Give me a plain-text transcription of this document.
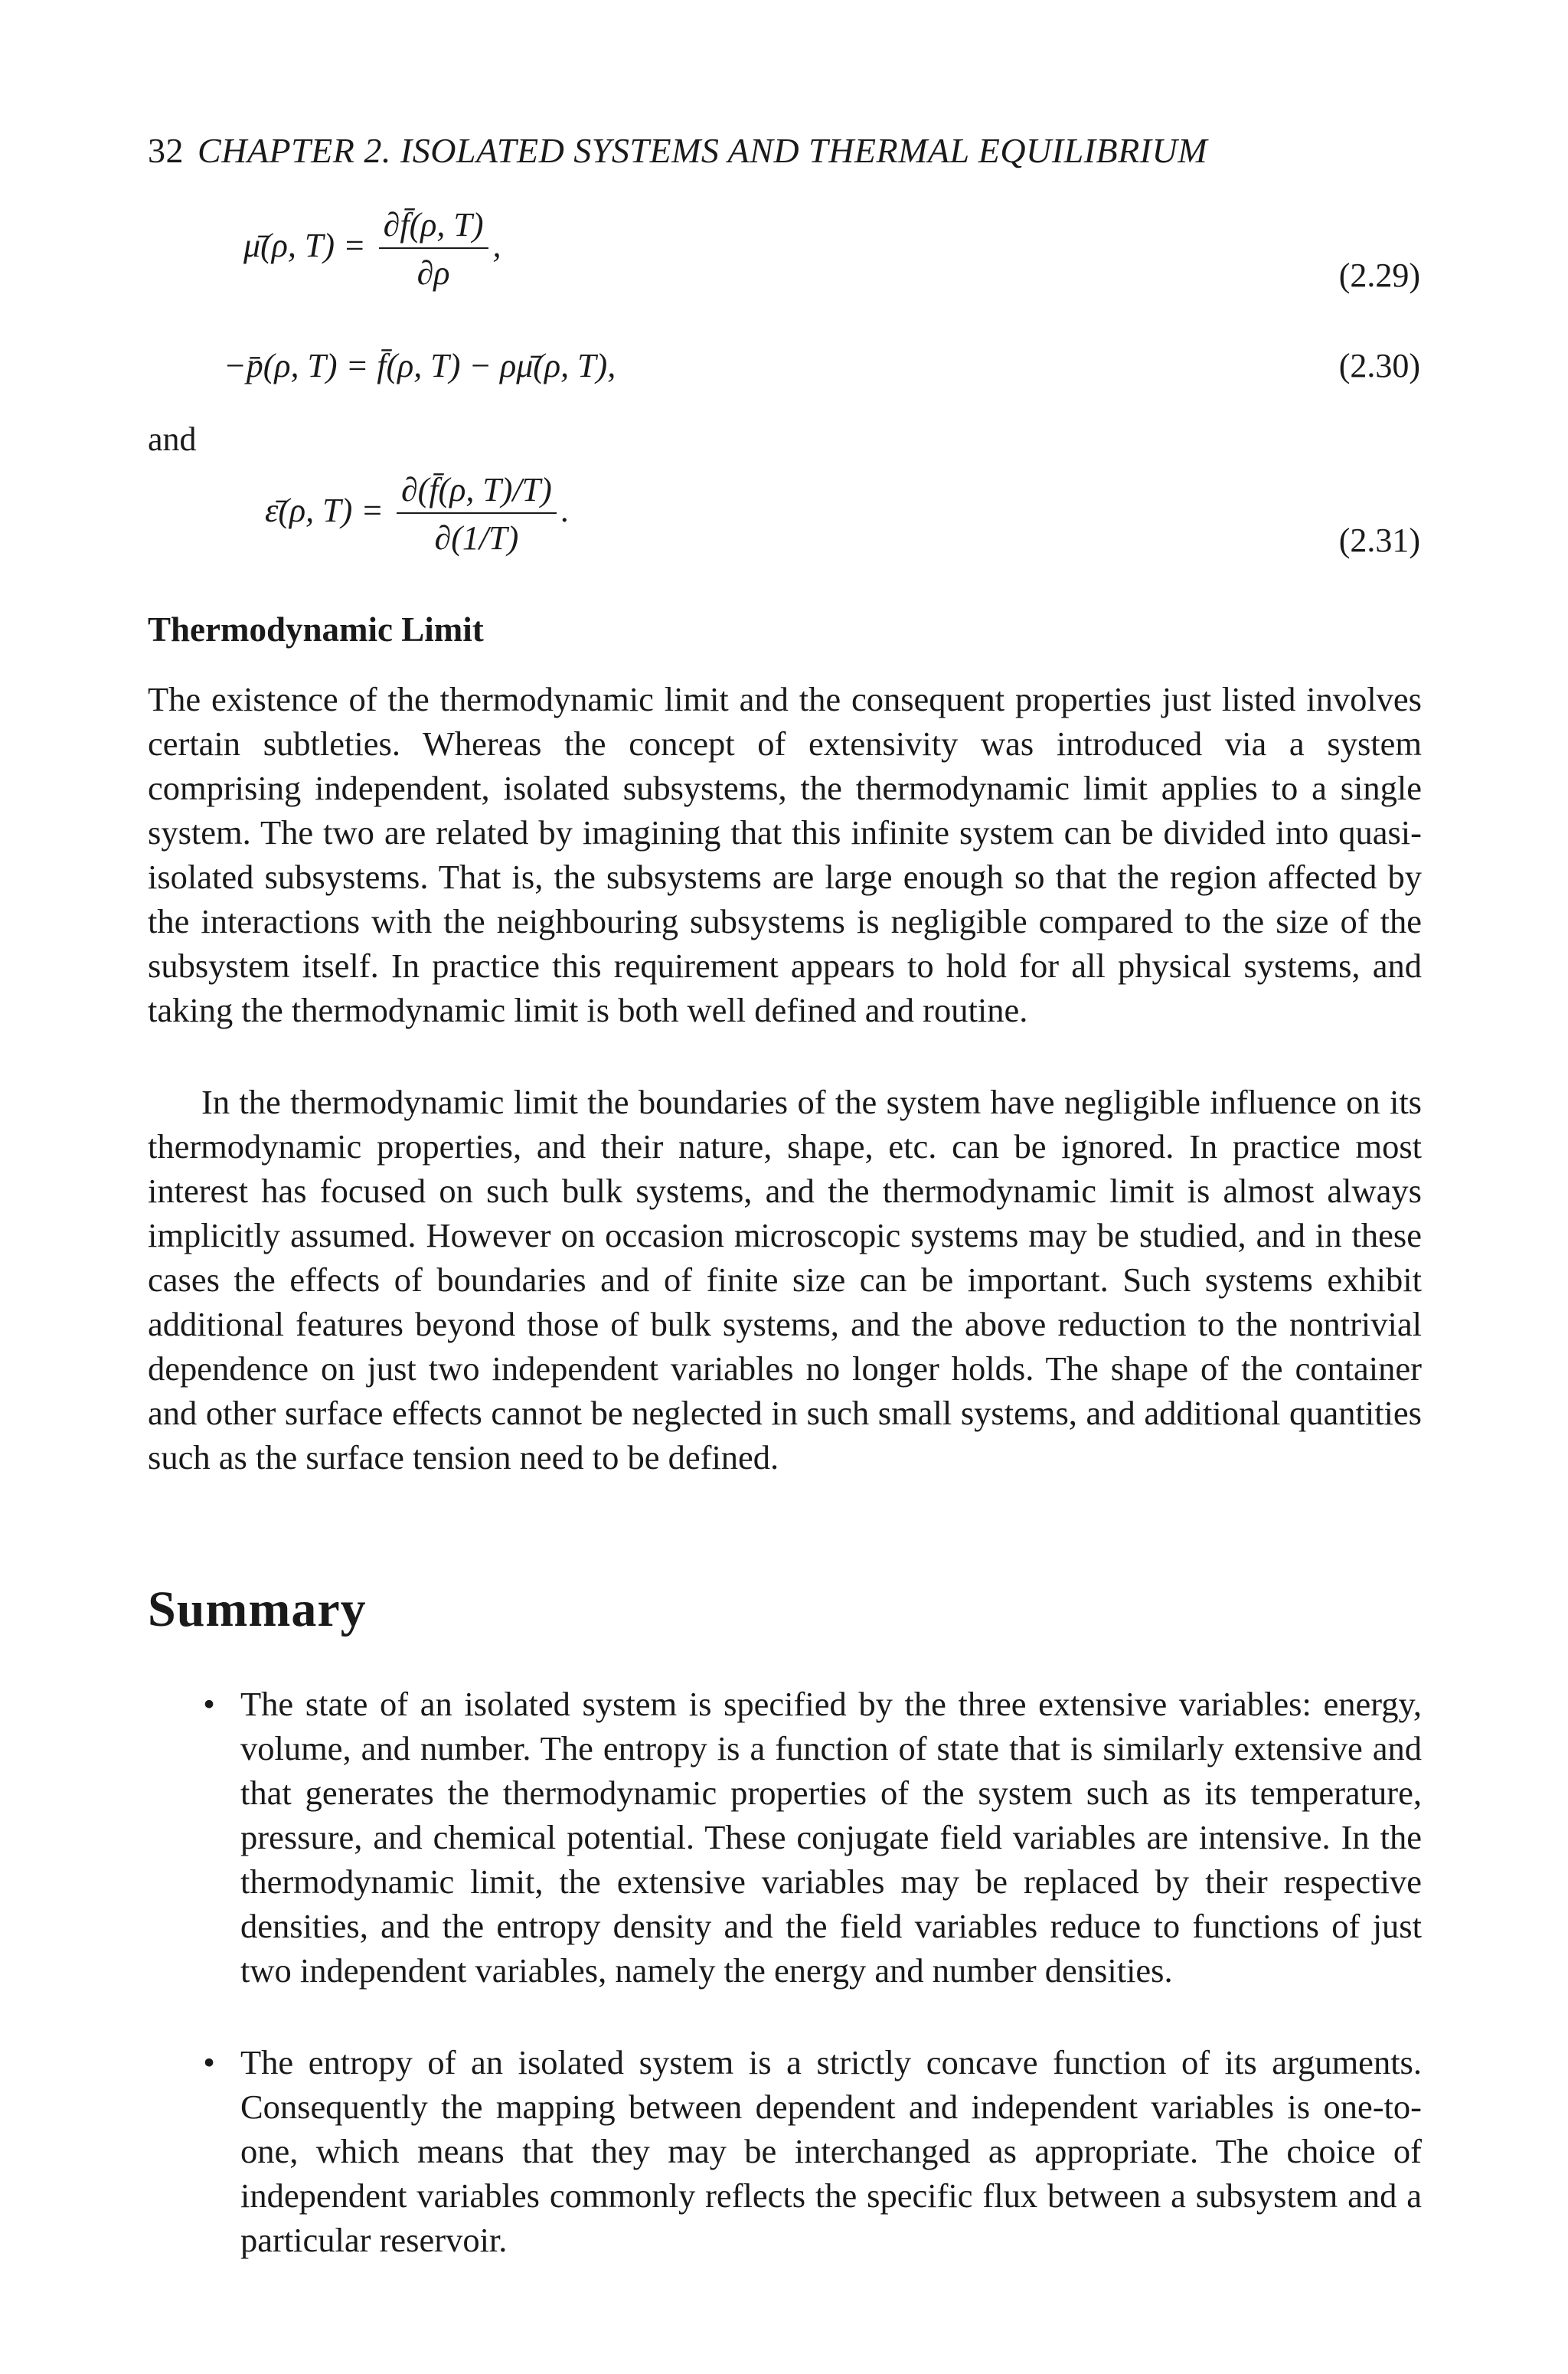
32 CHAPTER 2. ISOLATED SYSTEMS AND THERMAL EQUILIBRIUM
μ̄(ρ, $T) = \frac{\partial f̄(\rho, T)}{\partial\rho}$ ,
(2.29)
−p̄(ρ, T) = f̄(ρ, T) − ρμ̄(ρ, T),	(2.30)
and
ε̄(ρ, $T) = \frac{\partial(f̄(\rho, T)/T)}{\partial(1/T)}$ .
(2.31)
Thermodynamic Limit

The existence of the thermodynamic limit and the consequent properties just listed involves certain subtleties. Whereas the concept of extensivity was introduced via a system comprising independent, isolated subsystems, the thermodynamic limit applies to a single system. The two are related by imagining that this infinite system can be divided into quasi-isolated subsystems. That is, the subsystems are large enough so that the region affected by the interactions with the neighbouring subsystems is negligible compared to the size of the subsystem itself. In practice this requirement appears to hold for all physical systems, and taking the thermodynamic limit is both well defined and routine.

In the thermodynamic limit the boundaries of the system have negligible influence on its thermodynamic properties, and their nature, shape, etc. can be ignored. In practice most interest has focused on such bulk systems, and the thermodynamic limit is almost always implicitly assumed. However on occasion microscopic systems may be studied, and in these cases the effects of boundaries and of finite size can be important. Such systems exhibit additional features beyond those of bulk systems, and the above reduction to the nontrivial dependence on just two independent variables no longer holds. The shape of the container and other surface effects cannot be neglected in such small systems, and additional quantities such as the surface tension need to be defined.

Summary
• The state of an isolated system is specified by the three extensive variables: energy, volume, and number. The entropy is a function of state that is similarly extensive and that generates the thermodynamic properties of the system such as its temperature, pressure, and chemical potential. These conjugate field variables are intensive. In the thermodynamic limit, the extensive variables may be replaced by their respective densities, and the entropy density and the field variables reduce to functions of just two independent variables, namely the energy and number densities.
• The entropy of an isolated system is a strictly concave function of its arguments. Consequently the mapping between dependent and independent variables is one-to-one, which means that they may be interchanged as appropriate. The choice of independent variables commonly reflects the specific flux between a subsystem and a particular reservoir.
